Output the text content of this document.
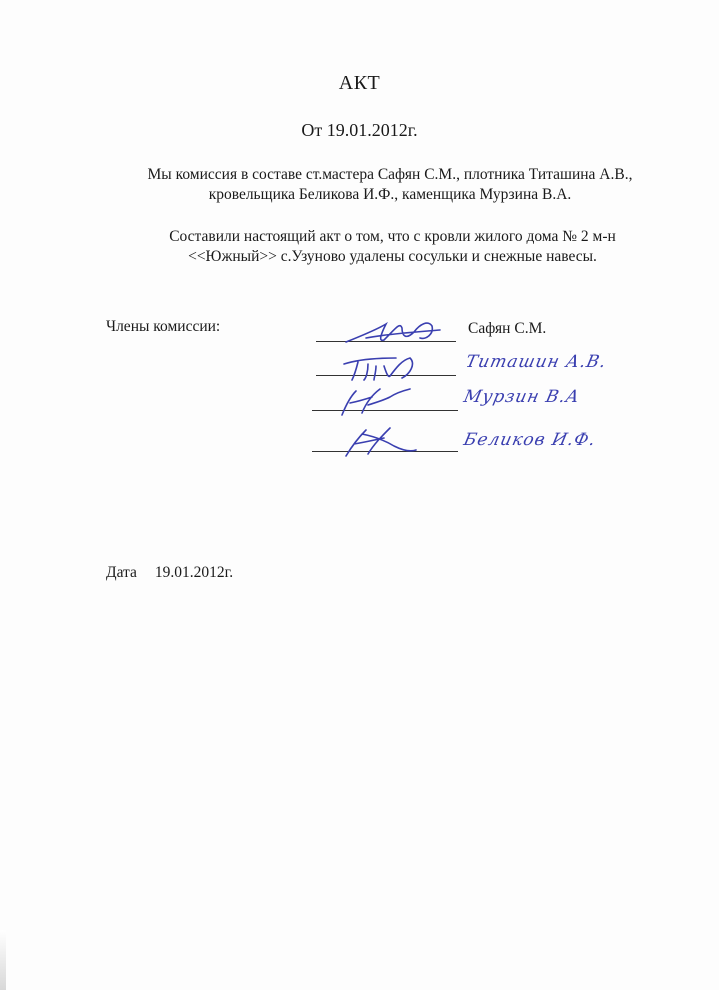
АКТ
От 19.01.2012г.
Мы комиссия в составе ст.мастера Сафян С.М., плотника Титашина А.В.,
кровельщика Беликова И.Ф., каменщика Мурзина В.А.
Составили настоящий акт о том, что с кровли жилого дома № 2 м-н
<<Южный>> с.Узуново удалены сосульки и снежные навесы.
Члены комиссии:	Сафян С.М.
Титашин А.В.
Мурзин В.А
Беликов И.Ф.
Дата 19.01.2012г.
